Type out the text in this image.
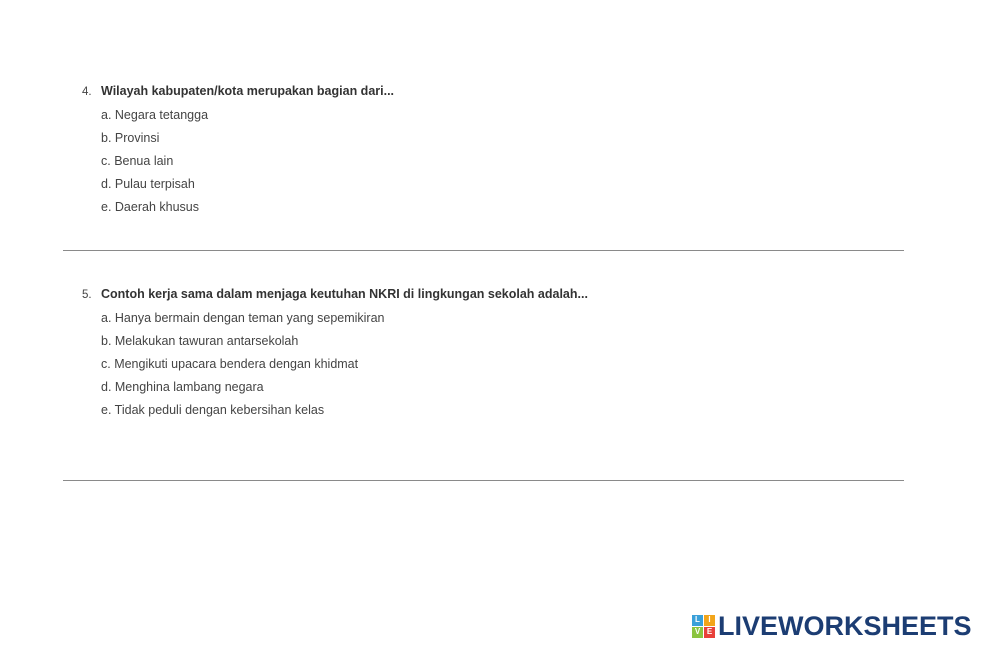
4. Wilayah kabupaten/kota merupakan bagian dari...
a. Negara tetangga
b. Provinsi
c. Benua lain
d. Pulau terpisah
e. Daerah khusus
5. Contoh kerja sama dalam menjaga keutuhan NKRI di lingkungan sekolah adalah...
a. Hanya bermain dengan teman yang sepemikiran
b. Melakukan tawuran antarsekolah
c. Mengikuti upacara bendera dengan khidmat
d. Menghina lambang negara
e. Tidak peduli dengan kebersihan kelas
L	I
V E LIVEWORKSHEETS
